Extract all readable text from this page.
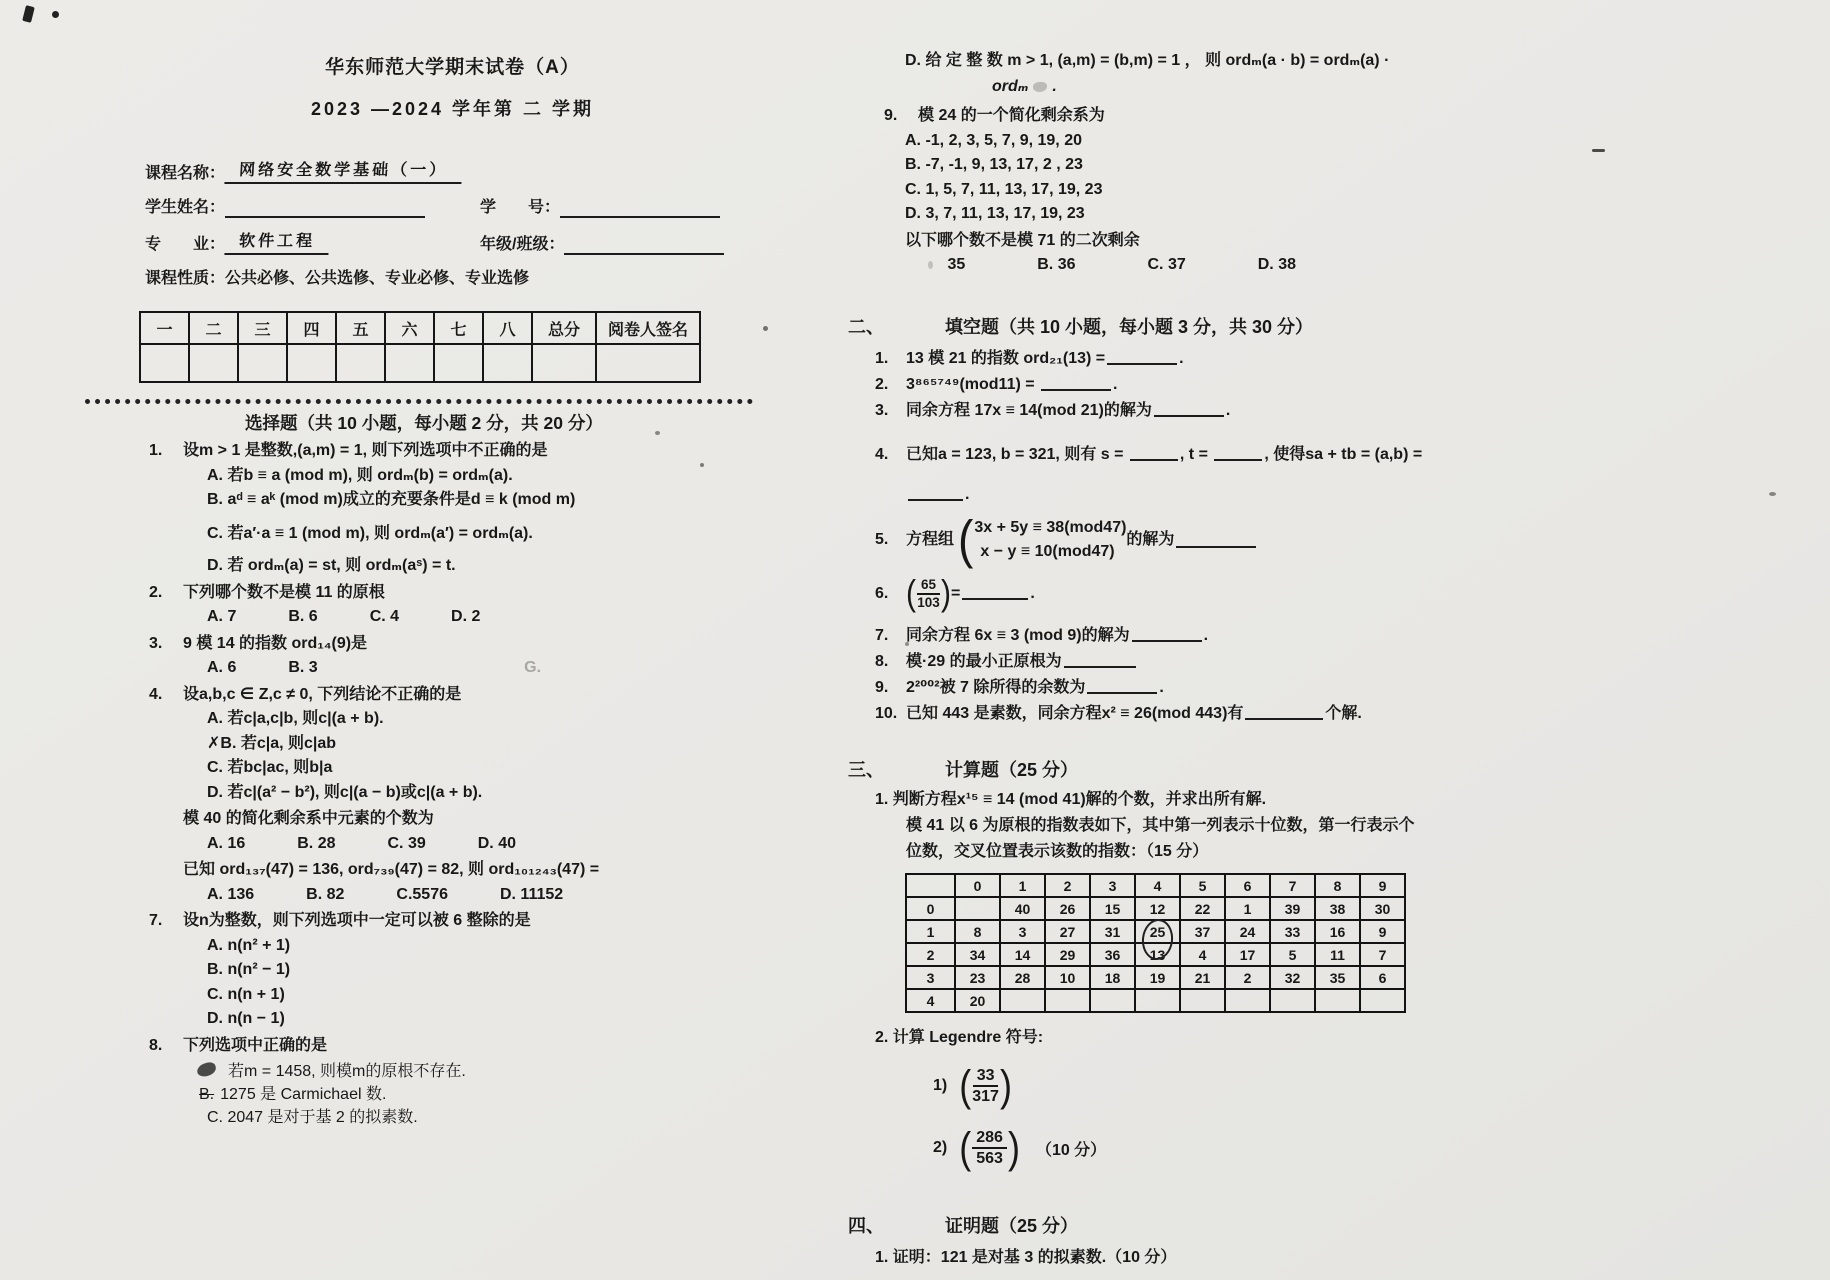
华东师范大学期末试卷（A）
2023 —2024 学年第 二 学期
课程名称： 网络安全数学基础（一）
学生姓名：	学　　号：
专　　业： 软件工程	年级/班级：
课程性质： 公共必修、公共选修、专业必修、专业选修
一	二	三	四	五	六	七	八	总分	阅卷人签名

选择题（共 10 小题，每小题 2 分，共 20 分）
1.	设m > 1 是整数,(a,m) = 1, 则下列选项中不正确的是
A. 若b ≡ a (mod m), 则 ordₘ(b) = ordₘ(a).
B. aᵈ ≡ aᵏ (mod m)成立的充要条件是d ≡ k (mod m)
C. 若a′·a ≡ 1 (mod m), 则 ordₘ(a′) = ordₘ(a).
D. 若 ordₘ(a) = st, 则 ordₘ(aˢ) = t.
2.	下列哪个数不是模 11 的原根
A. 7	B. 6	C. 4	D. 2
3.	9 模 14 的指数 ord₁₄(9)是
A. 6	B. 3	G.
4.	设a,b,c ∈ Z,c ≠ 0, 下列结论不正确的是
A. 若c|a,c|b, 则c|(a + b).
✗B. 若c|a, 则c|ab
C. 若bc|ac, 则b|a
D. 若c|(a² − b²), 则c|(a − b)或c|(a + b).
模 40 的简化剩余系中元素的个数为
A. 16	B. 28	C. 39	D. 40
已知 ord₁₃₇(47) = 136, ord₇₃₉(47) = 82, 则 ord₁₀₁₂₄₃(47) =
A. 136	B. 82	C.5576	D. 11152
7.	设n为整数，则下列选项中一定可以被 6 整除的是
A. n(n² + 1)
B. n(n² − 1)
C. n(n + 1)
D. n(n − 1)
8.	下列选项中正确的是
若m = 1458, 则模m的原根不存在.
B. 1275 是 Carmichael 数.
C. 2047 是对于基 2 的拟素数.
D. 给 定 整 数 m > 1, (a,m) = (b,m) = 1 ， 则 ordₘ(a · b) = ordₘ(a) ·
ordₘ .
9.	模 24 的一个简化剩余系为
A. -1, 2, 3, 5, 7, 9, 19, 20
B. -7, -1, 9, 13, 17, 2 , 23
C. 1, 5, 7, 11, 13, 17, 19, 23
D. 3, 7, 11, 13, 17, 19, 23
以下哪个数不是模 71 的二次剩余
35	B. 36	C. 37	D. 38
二、	填空题（共 10 小题，每小题 3 分，共 30 分）
1.	13 模 21 的指数 ord₂₁(13) =	.
2.	3⁸⁶⁵⁷⁴⁹(mod11) =	.
3.	同余方程 17x ≡ 14(mod 21)的解为	.
4.	已知a = 123, b = 321, 则有 s =	, t =	, 使得sa + tb = (a,b) =
.
5.	方程组 ( 3x + 5y ≡ 38(mod47)
x − y ≡ 10(mod47)
的解为
6. ( $\frac{65}{103}$ ) =	.
7.	同余方程 6x ≡ 3 (mod 9)的解为	.
8.	模·29 的最小正原根为
9.	2²⁰⁰²被 7 除所得的余数为	.
10. 已知 443 是素数，同余方程x² ≡ 26(mod 443)有	个解.
三、	计算题（25 分）
1. 判断方程x¹⁵ ≡ 14 (mod 41)解的个数，并求出所有解.
模 41 以 6 为原根的指数表如下，其中第一列表示十位数，第一行表示个
位数，交叉位置表示该数的指数：（15 分）
	0	1	2	3	4	5	6	7	8	9
0		40	26	15	12	22	1	39	38	30
1	8	3	27	31	25	37	24	33	16	9
2	34	14	29	36	13	4	17	5	11	7
3	23	28	10	18	19	21	2	32	35	6
4	20									
2. 计算 Legendre 符号:
1) ( $\frac{33}{317}$ )
2) ( $\frac{286}{563}$ ) （10 分）
四、	证明题（25 分）
1. 证明：121 是对基 3 的拟素数.（10 分）
